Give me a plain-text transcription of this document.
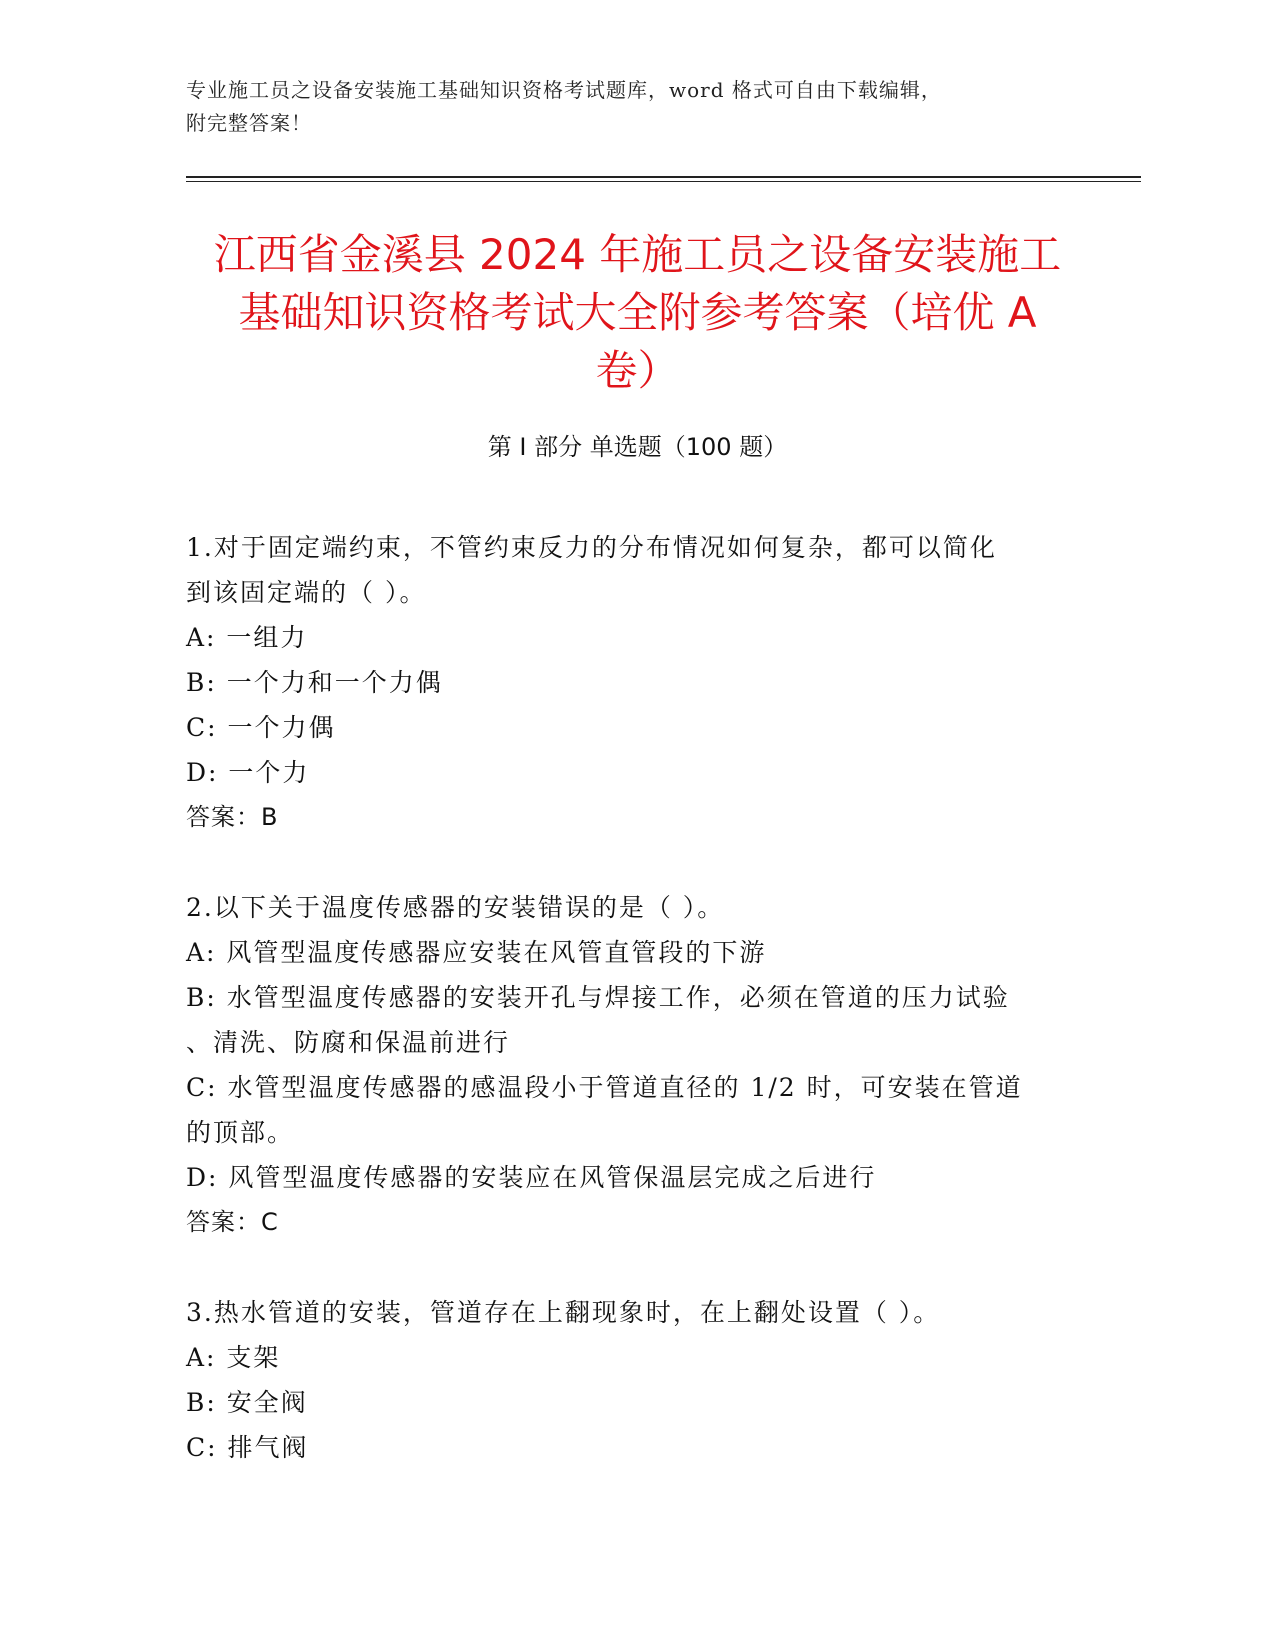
专业施工员之设备安装施工基础知识资格考试题库，word 格式可自由下载编辑，
附完整答案！
江西省金溪县 2024 年施工员之设备安装施工
基础知识资格考试大全附参考答案（培优 A
卷）
第 I 部分 单选题（100 题）
1.对于固定端约束，不管约束反力的分布情况如何复杂，都可以简化
到该固定端的（ ）。
A: 一组力
B: 一个力和一个力偶
C: 一个力偶
D: 一个力
答案：B
2.以下关于温度传感器的安装错误的是（ ）。
A: 风管型温度传感器应安装在风管直管段的下游
B: 水管型温度传感器的安装开孔与焊接工作，必须在管道的压力试验
、清洗、防腐和保温前进行
C: 水管型温度传感器的感温段小于管道直径的 1/2 时，可安装在管道
的顶部。
D: 风管型温度传感器的安装应在风管保温层完成之后进行
答案：C
3.热水管道的安装，管道存在上翻现象时，在上翻处设置（ ）。
A: 支架
B: 安全阀
C: 排气阀
